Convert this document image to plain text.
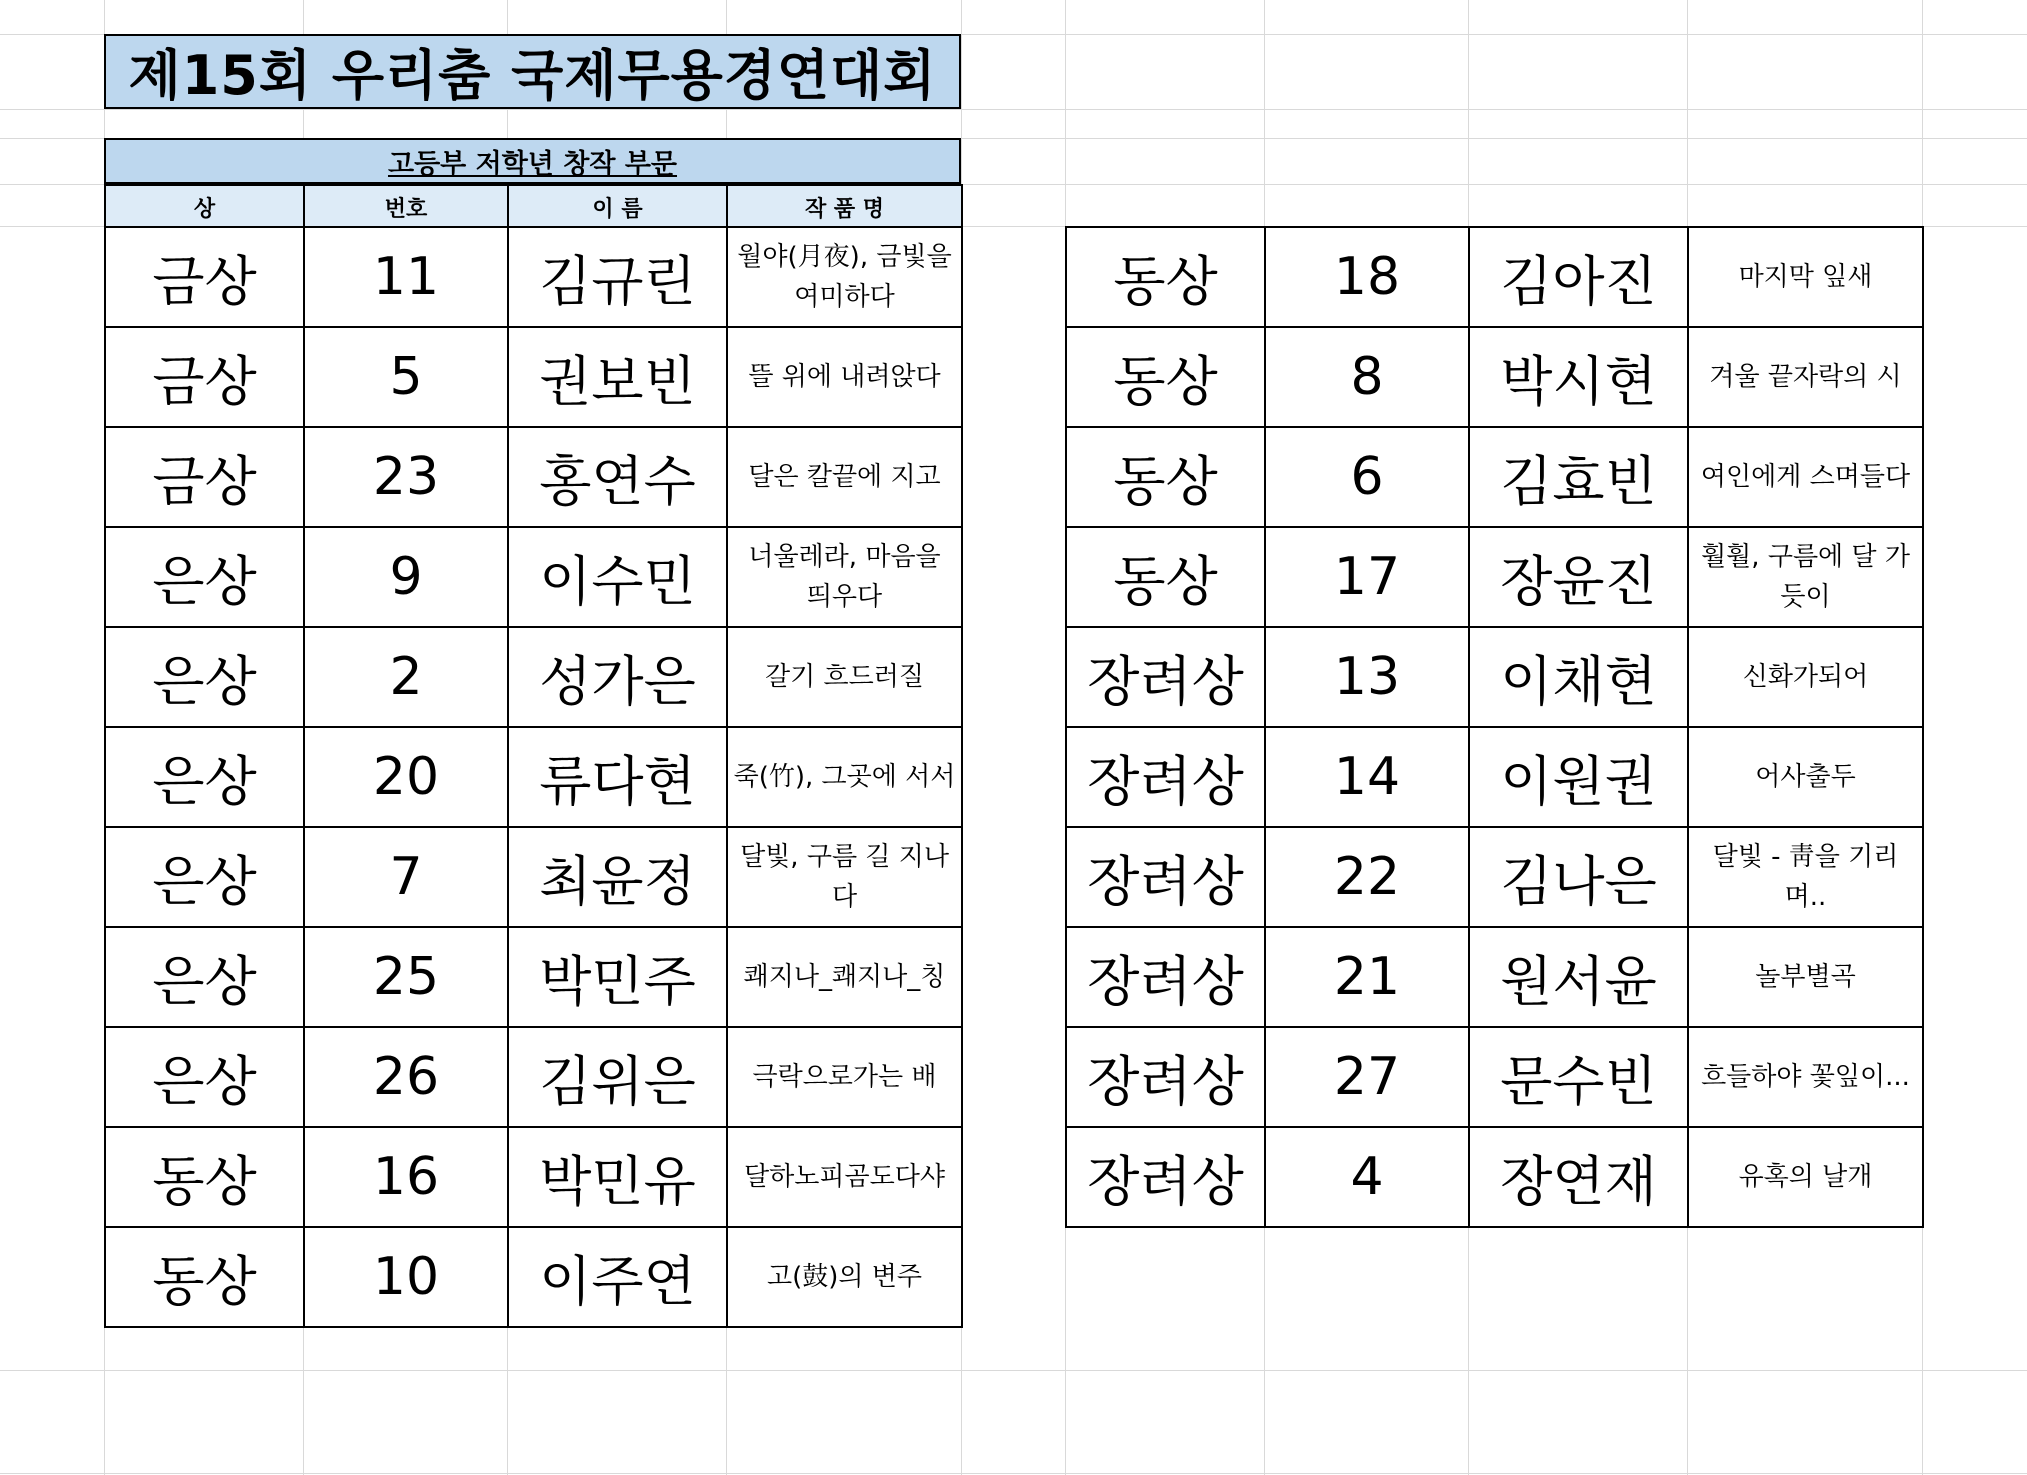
제15회 우리춤 국제무용경연대회
고등부 저학년 창작 부문
상	번호	이 름	작 품 명
금상	11	김규린	월야(月夜), 금빛을 여미하다
금상	5	권보빈	뜰 위에 내려앉다
금상	23	홍연수	달은 칼끝에 지고
은상	9	이수민	너울레라, 마음을 띄우다
은상	2	성가은	갈기 흐드러질
은상	20	류다현	죽(竹), 그곳에 서서
은상	7	최윤정	달빛, 구름 길 지나다
은상	25	박민주	쾌지나_쾌지나_칭
은상	26	김위은	극락으로가는 배
동상	16	박민유	달하노피곰도다샤
동상	10	이주연	고(鼓)의 변주
동상	18	김아진	마지막 잎새
동상	8	박시현	겨울 끝자락의 시
동상	6	김효빈	여인에게 스며들다
동상	17	장윤진	훨훨, 구름에 달 가듯이
장려상	13	이채현	신화가되어
장려상	14	이원권	어사출두
장려상	22	김나은	달빛 - 靑을 기리며..
장려상	21	원서윤	놀부별곡
장려상	27	문수빈	흐들하야 꽃잎이...
장려상	4	장연재	유혹의 날개
